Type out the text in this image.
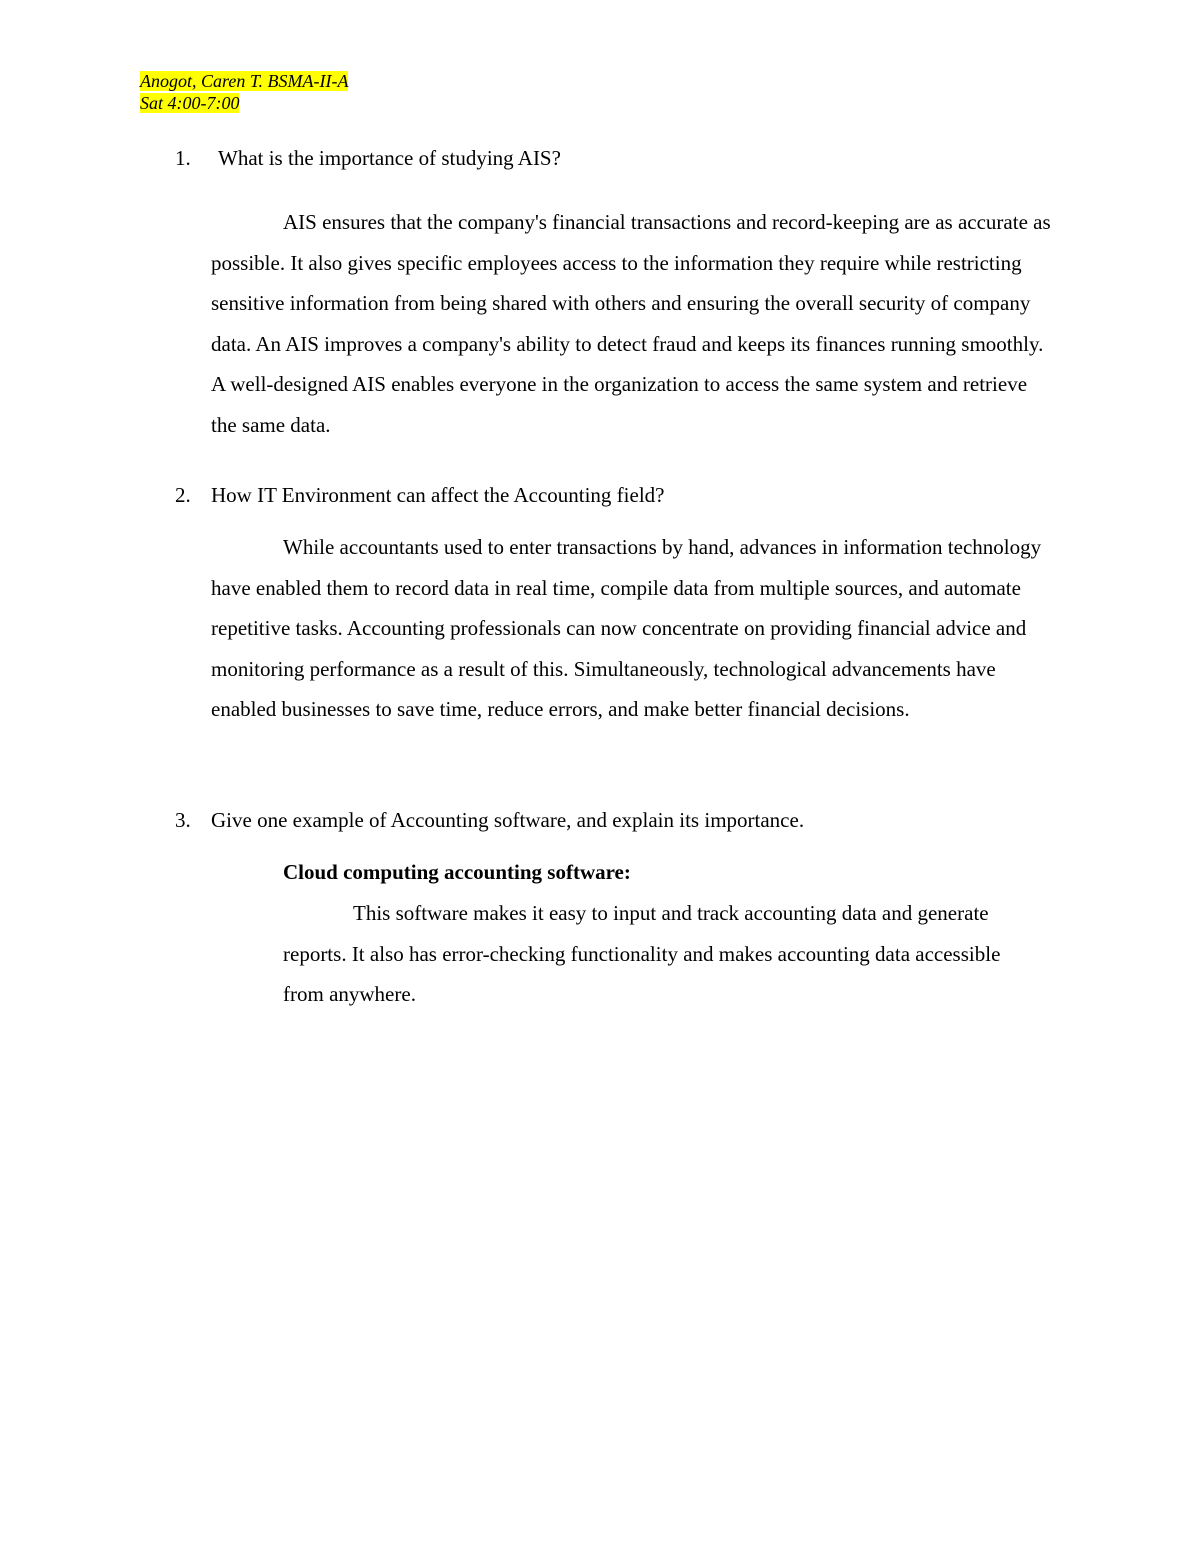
Anogot, Caren T. BSMA-II-A
Sat 4:00-7:00
1. What is the importance of studying AIS?
AIS ensures that the company's financial transactions and record-keeping are as accurate as possible. It also gives specific employees access to the information they require while restricting sensitive information from being shared with others and ensuring the overall security of company data. An AIS improves a company's ability to detect fraud and keeps its finances running smoothly. A well-designed AIS enables everyone in the organization to access the same system and retrieve the same data.
2. How IT Environment can affect the Accounting field?
While accountants used to enter transactions by hand, advances in information technology have enabled them to record data in real time, compile data from multiple sources, and automate repetitive tasks. Accounting professionals can now concentrate on providing financial advice and monitoring performance as a result of this. Simultaneously, technological advancements have enabled businesses to save time, reduce errors, and make better financial decisions.
3. Give one example of Accounting software, and explain its importance.
Cloud computing accounting software:
This software makes it easy to input and track accounting data and generate reports. It also has error-checking functionality and makes accounting data accessible from anywhere.
